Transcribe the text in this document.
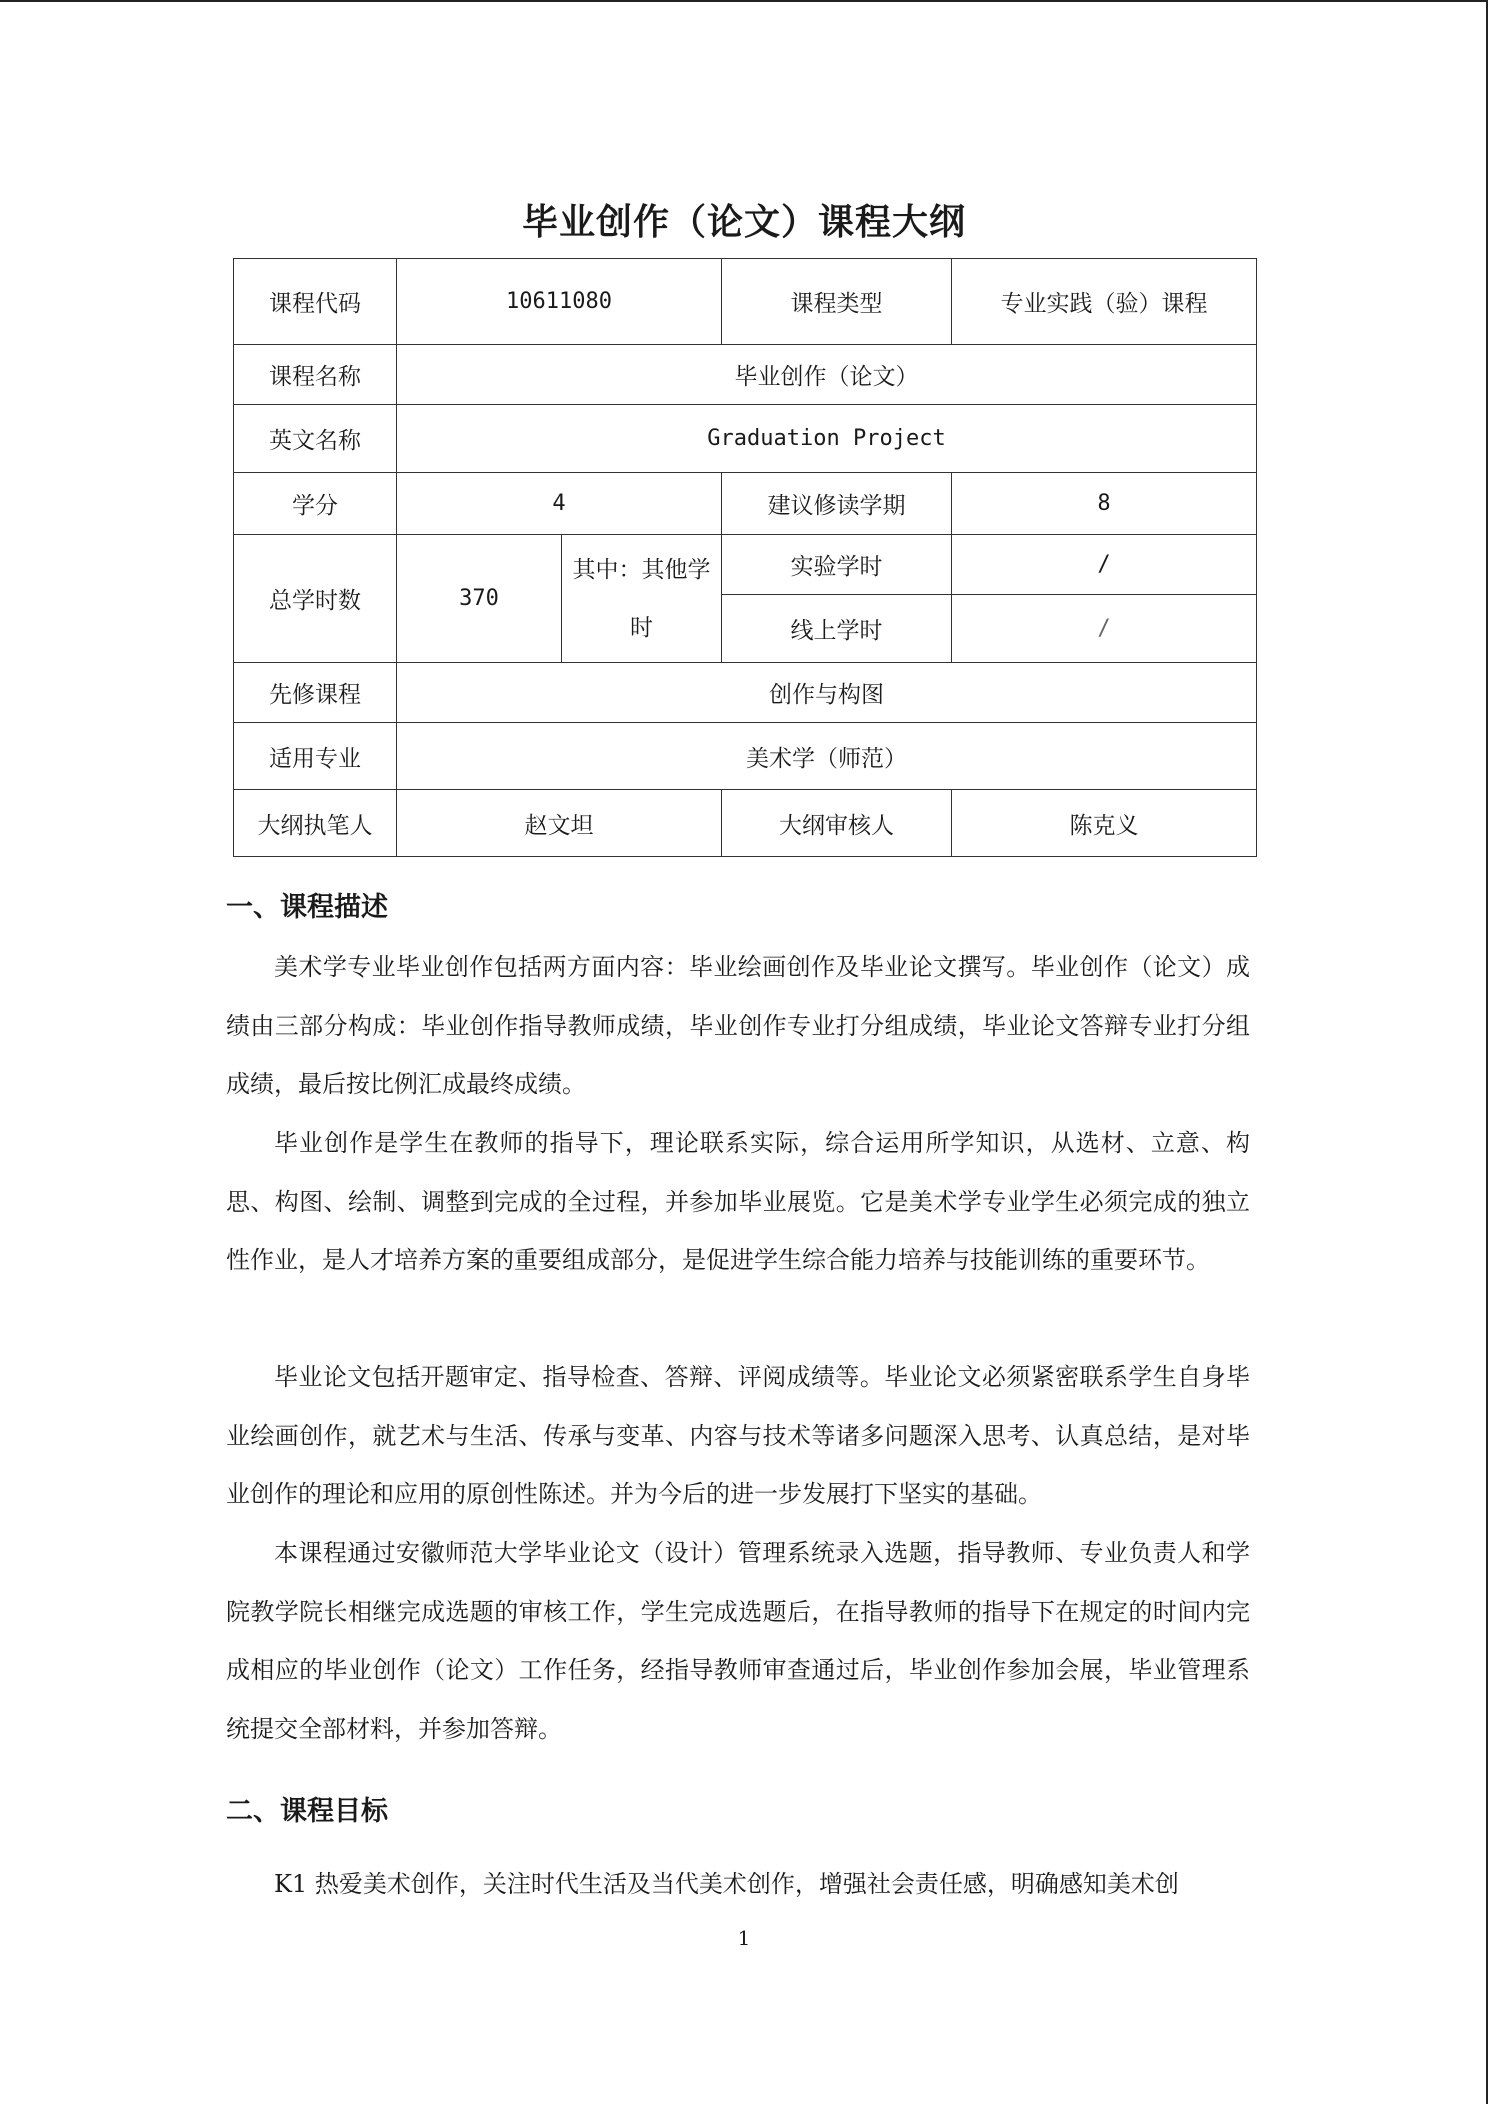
毕业创作（论文）课程大纲
课程代码	10611080		课程类型	专业实践（验）课程
课程名称	毕业创作（论文）			
英文名称	Graduation Project			
学分	4		建议修读学期	8
总学时数	370	其中：其他学时	实验学时	/
			线上学时	/
先修课程	创作与构图			
适用专业	美术学（师范）			
大纲执笔人	赵文坦		大纲审核人	陈克义
一、课程描述

美术学专业毕业创作包括两方面内容：毕业绘画创作及毕业论文撰写。毕业创作（论文）成绩由三部分构成：毕业创作指导教师成绩，毕业创作专业打分组成绩，毕业论文答辩专业打分组成绩，最后按比例汇成最终成绩。

毕业创作是学生在教师的指导下，理论联系实际，综合运用所学知识，从选材、立意、构思、构图、绘制、调整到完成的全过程，并参加毕业展览。它是美术学专业学生必须完成的独立性作业，是人才培养方案的重要组成部分，是促进学生综合能力培养与技能训练的重要环节。

毕业论文包括开题审定、指导检查、答辩、评阅成绩等。毕业论文必须紧密联系学生自身毕业绘画创作，就艺术与生活、传承与变革、内容与技术等诸多问题深入思考、认真总结，是对毕业创作的理论和应用的原创性陈述。并为今后的进一步发展打下坚实的基础。

本课程通过安徽师范大学毕业论文（设计）管理系统录入选题，指导教师、专业负责人和学院教学院长相继完成选题的审核工作，学生完成选题后，在指导教师的指导下在规定的时间内完成相应的毕业创作（论文）工作任务，经指导教师审查通过后，毕业创作参加会展，毕业管理系统提交全部材料，并参加答辩。

二、课程目标

K1 热爱美术创作，关注时代生活及当代美术创作，增强社会责任感，明确感知美术创

1
